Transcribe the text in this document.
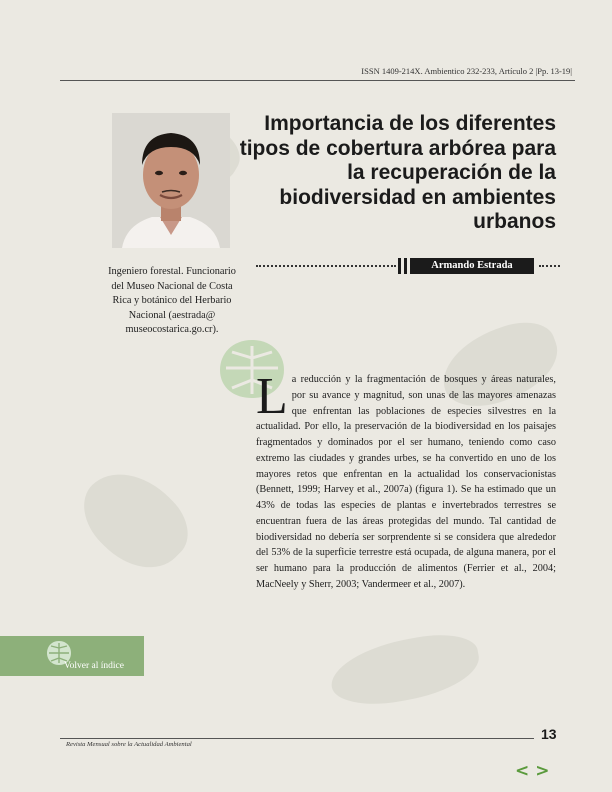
ISSN 1409-214X. Ambientico 232-233, Artículo 2 |Pp. 13-19|
Importancia de los diferentes tipos de cobertura arbórea para la recuperación de la biodiversidad en ambientes urbanos
Armando Estrada
Ingeniero forestal. Funcionario del Museo Nacional de Costa Rica y botánico del Herbario Nacional (aestrada@ museocostarica.go.cr).
La reducción y la fragmentación de bosques y áreas naturales, por su avance y magnitud, son unas de las mayores amenazas que enfrentan las poblaciones de especies silvestres en la actualidad. Por ello, la preservación de la biodiversidad en los paisajes fragmentados y dominados por el ser humano, teniendo como caso extremo las ciudades y grandes urbes, se ha convertido en uno de los mayores retos que enfrentan en la actualidad los conservacionistas (Bennett, 1999; Harvey et al., 2007a) (figura 1). Se ha estimado que un 43% de todas las especies de plantas e invertebrados terrestres se encuentran fuera de las áreas protegidas del mundo. Tal cantidad de biodiversidad no debería ser sorprendente si se considera que alrededor del 53% de la superficie terrestre está ocupada, de alguna manera, por el ser humano para la producción de alimentos (Ferrier et al., 2004; MacNeely y Sherr, 2003; Vandermeer et al., 2007).
Volver al índice
13
Revista Mensual sobre la Actualidad Ambiental
< >
